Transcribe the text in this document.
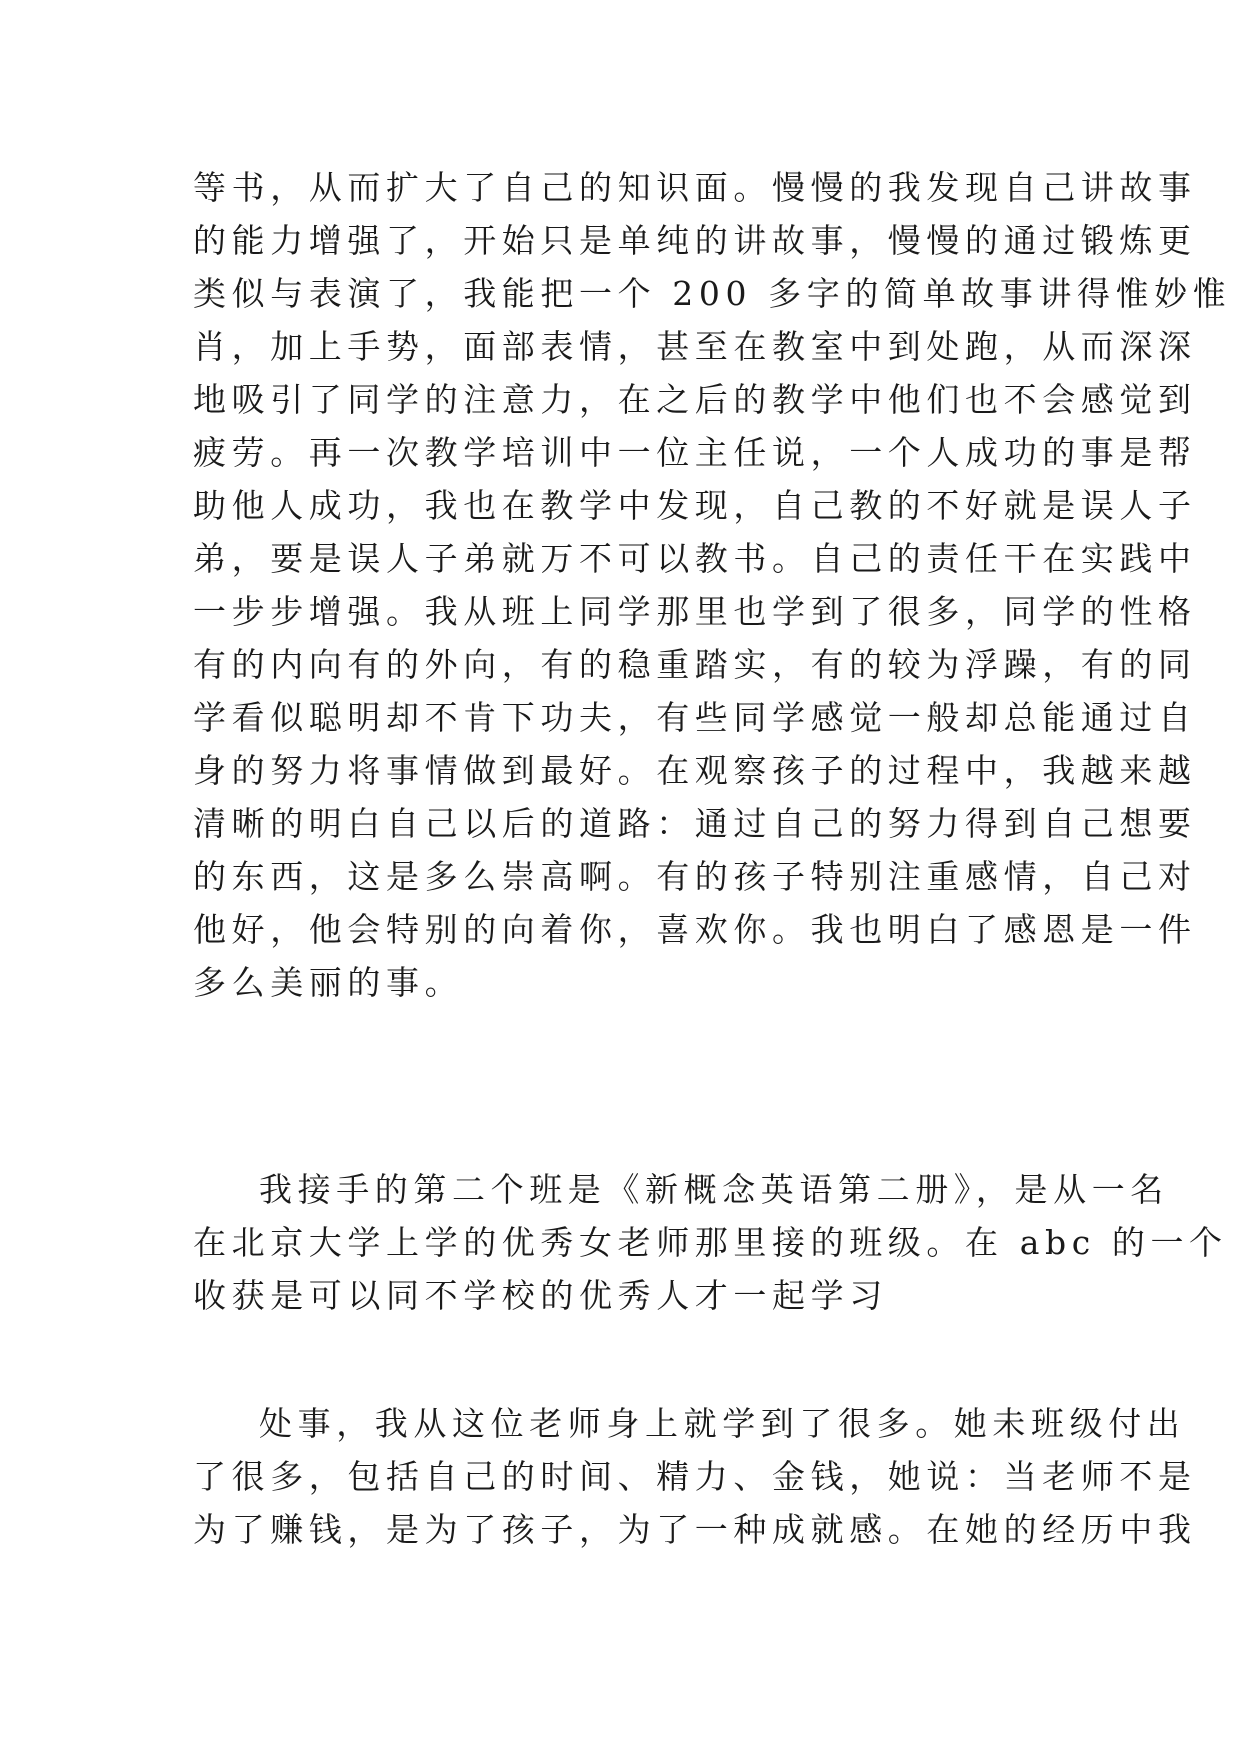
等书，从而扩大了自己的知识面。慢慢的我发现自己讲故事
的能力增强了，开始只是单纯的讲故事，慢慢的通过锻炼更
类似与表演了，我能把一个 200 多字的简单故事讲得惟妙惟
肖，加上手势，面部表情，甚至在教室中到处跑，从而深深
地吸引了同学的注意力，在之后的教学中他们也不会感觉到
疲劳。再一次教学培训中一位主任说，一个人成功的事是帮
助他人成功，我也在教学中发现，自己教的不好就是误人子
弟，要是误人子弟就万不可以教书。自己的责任干在实践中
一步步增强。我从班上同学那里也学到了很多，同学的性格
有的内向有的外向，有的稳重踏实，有的较为浮躁，有的同
学看似聪明却不肯下功夫，有些同学感觉一般却总能通过自
身的努力将事情做到最好。在观察孩子的过程中，我越来越
清晰的明白自己以后的道路：通过自己的努力得到自己想要
的东西，这是多么崇高啊。有的孩子特别注重感情，自己对
他好，他会特别的向着你，喜欢你。我也明白了感恩是一件
多么美丽的事。
我接手的第二个班是《新概念英语第二册》，是从一名
在北京大学上学的优秀女老师那里接的班级。在 abc 的一个
收获是可以同不学校的优秀人才一起学习
处事，我从这位老师身上就学到了很多。她未班级付出
了很多，包括自己的时间、精力、金钱，她说：当老师不是
为了赚钱，是为了孩子，为了一种成就感。在她的经历中我
